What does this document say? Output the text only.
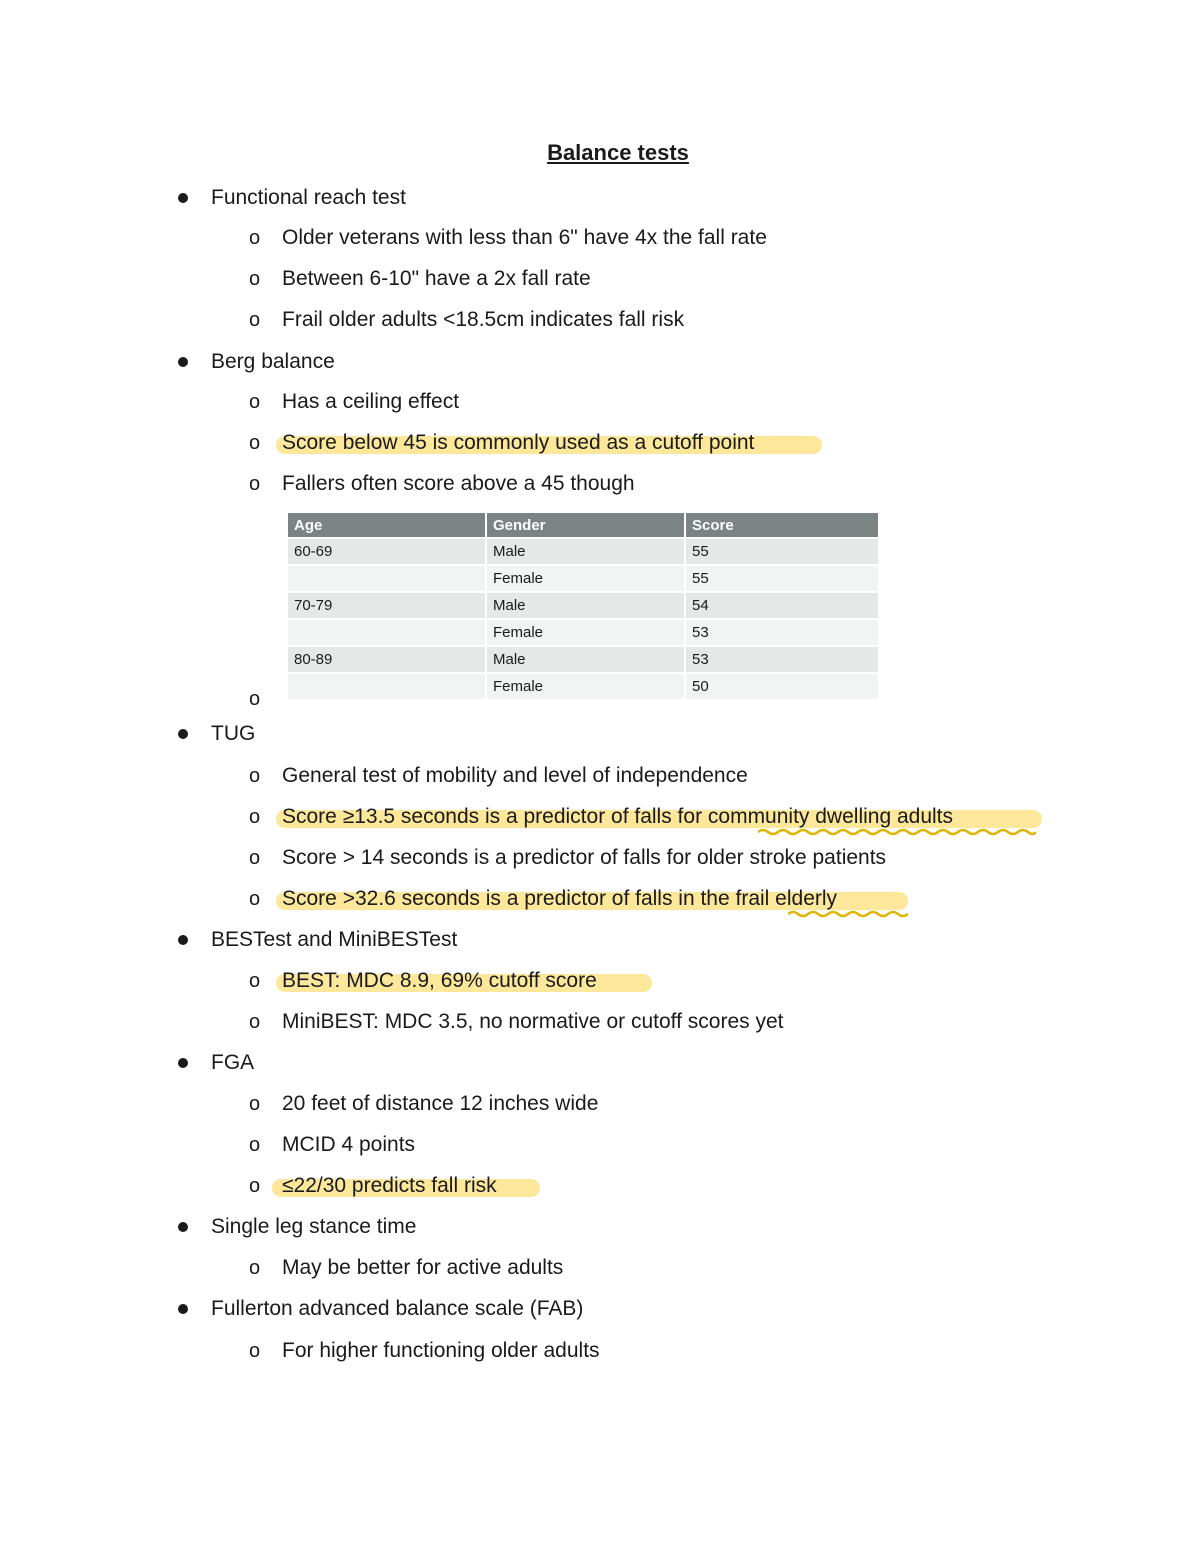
Balance tests
Functional reach test
o Older veterans with less than 6" have 4x the fall rate
o Between 6-10" have a 2x fall rate
o Frail older adults <18.5cm indicates fall risk
Berg balance
o Has a ceiling effect
o Score below 45 is commonly used as a cutoff point
o Fallers often score above a 45 though
Age	Gender	Score
60-69	Male	55
	Female	55
70-79	Male	54
	Female	53
80-89	Male	53
	Female	50
o
TUG
o General test of mobility and level of independence
o Score ≥13.5 seconds is a predictor of falls for community dwelling adults
o Score > 14 seconds is a predictor of falls for older stroke patients
o Score >32.6 seconds is a predictor of falls in the frail elderly
BESTest and MiniBESTest
o BEST: MDC 8.9, 69% cutoff score
o MiniBEST: MDC 3.5, no normative or cutoff scores yet
FGA
o 20 feet of distance 12 inches wide
o MCID 4 points
o ≤22/30 predicts fall risk
Single leg stance time
o May be better for active adults
Fullerton advanced balance scale (FAB)
o For higher functioning older adults
